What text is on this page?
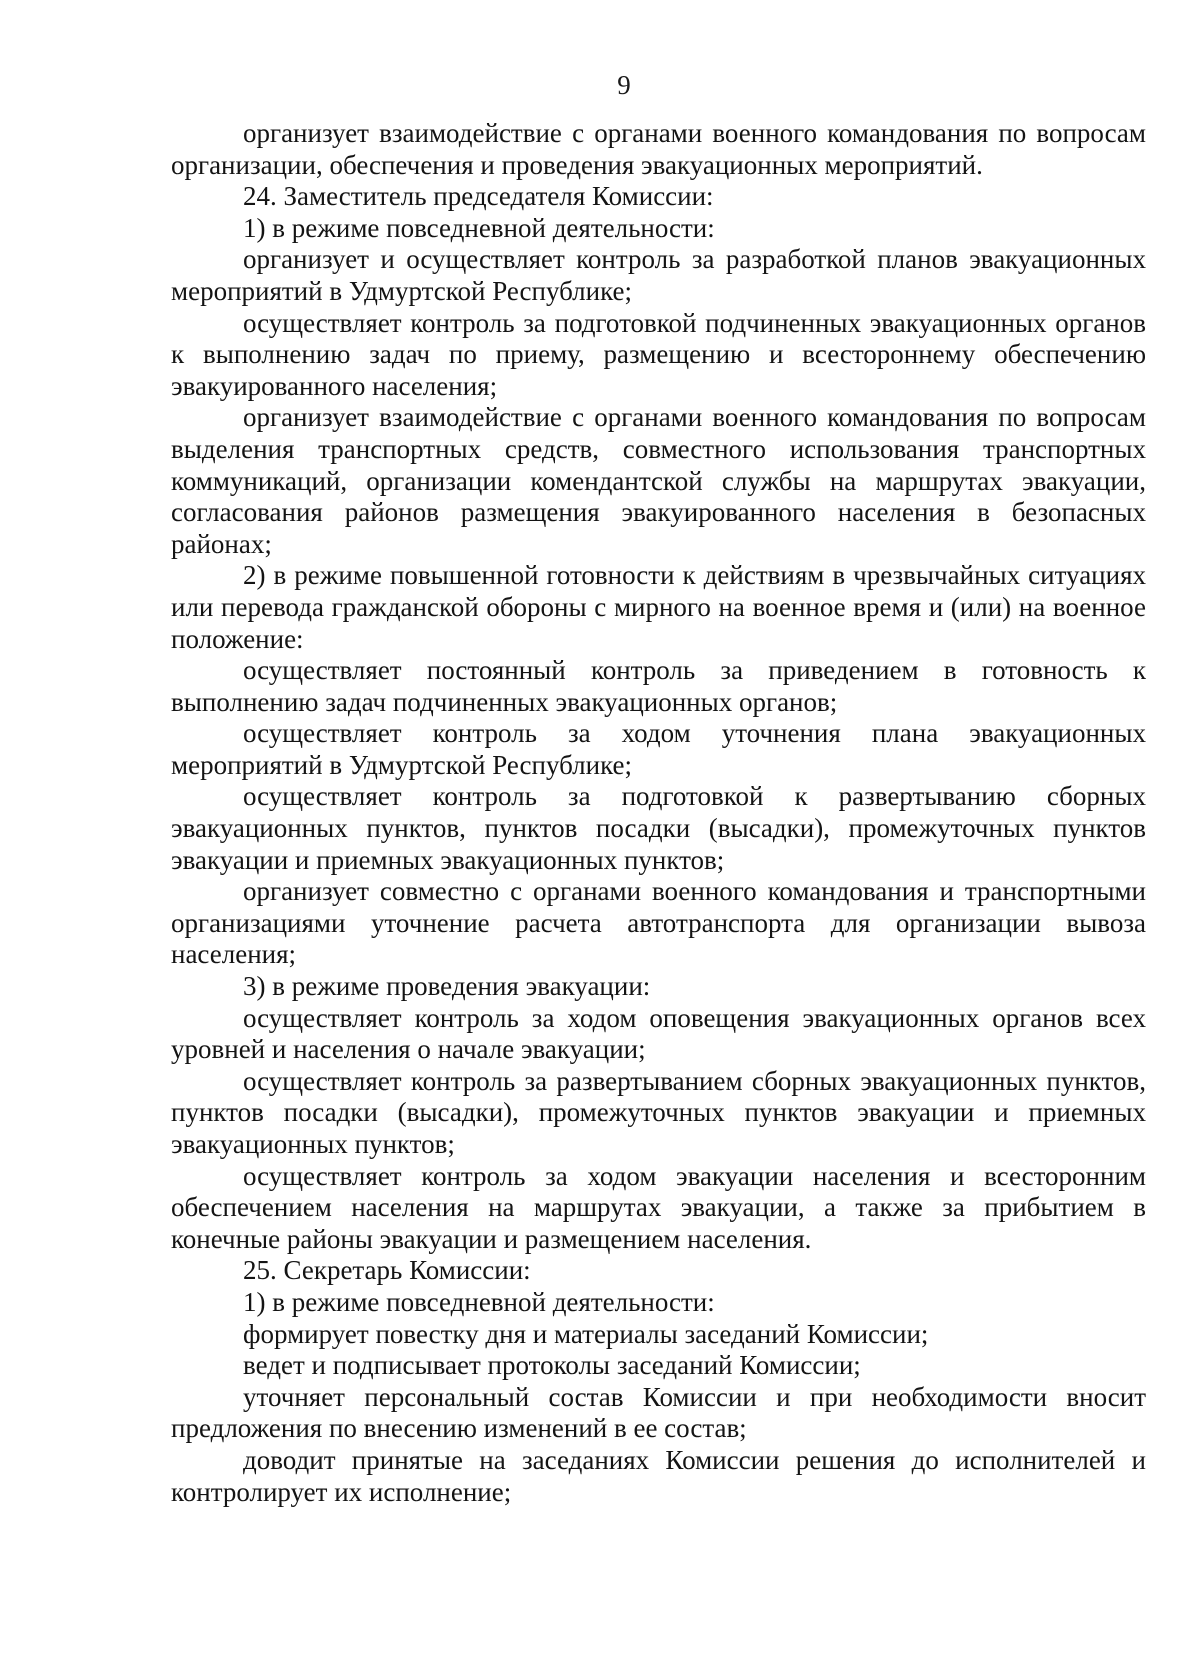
9

организует взаимодействие с органами военного командования по вопросам организации, обеспечения и проведения эвакуационных мероприятий.

24. Заместитель председателя Комиссии:

1) в режиме повседневной деятельности:

организует и осуществляет контроль за разработкой планов эвакуационных мероприятий в Удмуртской Республике;

осуществляет контроль за подготовкой подчиненных эвакуационных органов к выполнению задач по приему, размещению и всестороннему обеспечению эвакуированного населения;

организует взаимодействие с органами военного командования по вопросам выделения транспортных средств, совместного использования транспортных коммуникаций, организации комендантской службы на маршрутах эвакуации, согласования районов размещения эвакуированного населения в безопасных районах;

2) в режиме повышенной готовности к действиям в чрезвычайных ситуациях или перевода гражданской обороны с мирного на военное время и (или) на военное положение:

осуществляет постоянный контроль за приведением в готовность к выполнению задач подчиненных эвакуационных органов;

осуществляет контроль за ходом уточнения плана эвакуационных мероприятий в Удмуртской Республике;

осуществляет контроль за подготовкой к развертыванию сборных эвакуационных пунктов, пунктов посадки (высадки), промежуточных пунктов эвакуации и приемных эвакуационных пунктов;

организует совместно с органами военного командования и транспортными организациями уточнение расчета автотранспорта для организации вывоза населения;

3) в режиме проведения эвакуации:

осуществляет контроль за ходом оповещения эвакуационных органов всех уровней и населения о начале эвакуации;

осуществляет контроль за развертыванием сборных эвакуационных пунктов, пунктов посадки (высадки), промежуточных пунктов эвакуации и приемных эвакуационных пунктов;

осуществляет контроль за ходом эвакуации населения и всесторонним обеспечением населения на маршрутах эвакуации, а также за прибытием в конечные районы эвакуации и размещением населения.

25. Секретарь Комиссии:

1) в режиме повседневной деятельности:

формирует повестку дня и материалы заседаний Комиссии;

ведет и подписывает протоколы заседаний Комиссии;

уточняет персональный состав Комиссии и при необходимости вносит предложения по внесению изменений в ее состав;

доводит принятые на заседаниях Комиссии решения до исполнителей и контролирует их исполнение;
